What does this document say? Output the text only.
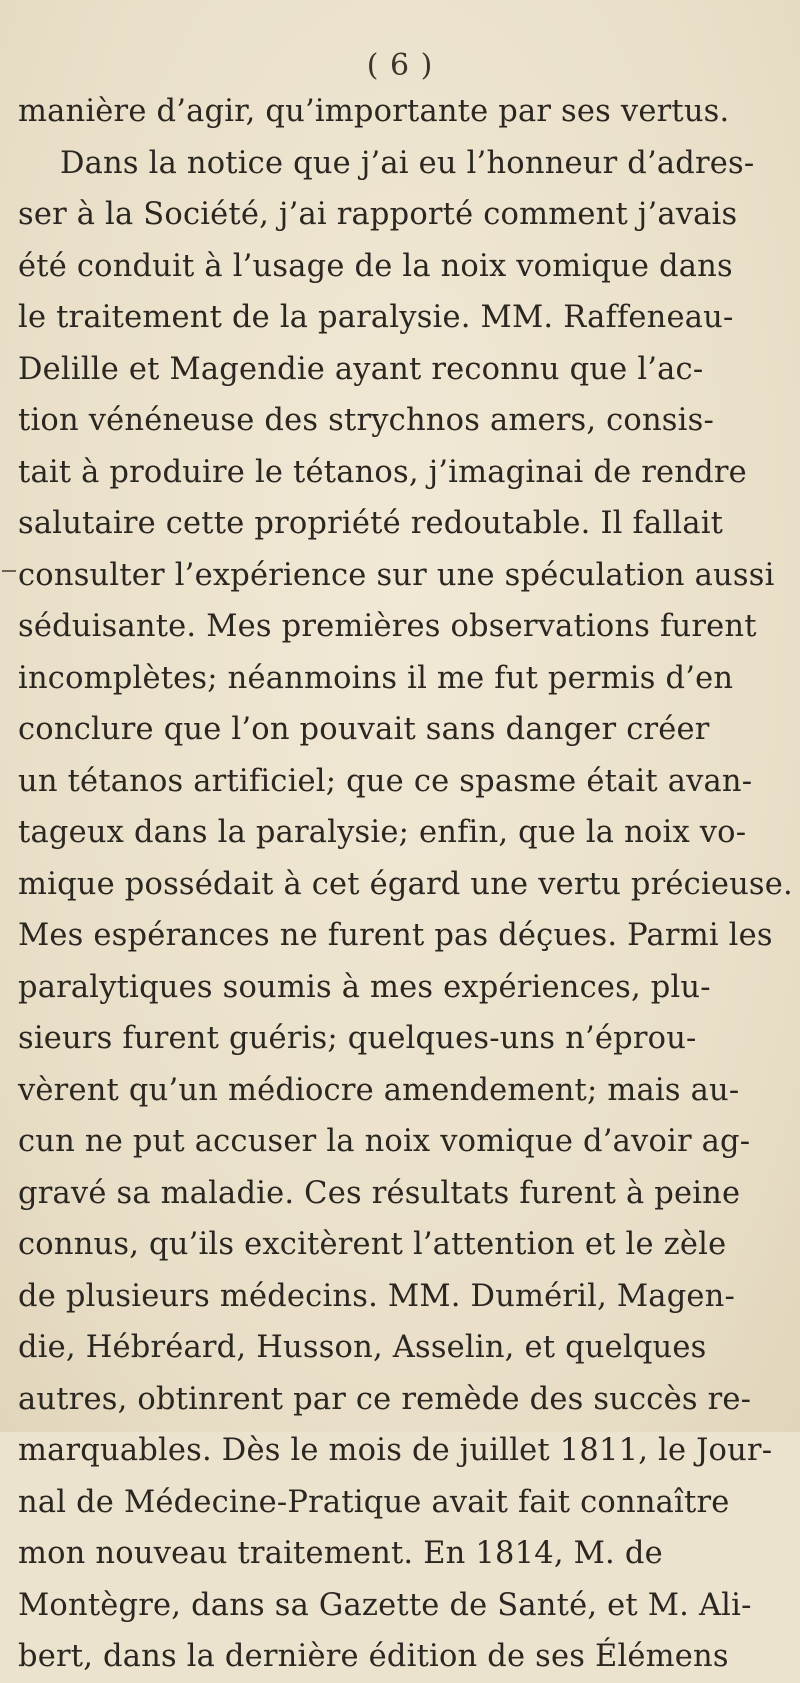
( 6 )
manière d’agir, qu’importante par ses vertus.
Dans la notice que j’ai eu l’honneur d’adres-
ser à la Société, j’ai rapporté comment j’avais
été conduit à l’usage de la noix vomique dans
le traitement de la paralysie. MM. Raffeneau-
Delille et Magendie ayant reconnu que l’ac-
tion vénéneuse des strychnos amers, consis-
tait à produire le tétanos, j’imaginai de rendre
salutaire cette propriété redoutable. Il fallait
consulter l’expérience sur une spéculation aussi
séduisante. Mes premières observations furent
incomplètes; néanmoins il me fut permis d’en
conclure que l’on pouvait sans danger créer
un tétanos artificiel; que ce spasme était avan-
tageux dans la paralysie; enfin, que la noix vo-
mique possédait à cet égard une vertu précieuse.
Mes espérances ne furent pas déçues. Parmi les
paralytiques soumis à mes expériences, plu-
sieurs furent guéris; quelques-uns n’éprou-
vèrent qu’un médiocre amendement; mais au-
cun ne put accuser la noix vomique d’avoir ag-
gravé sa maladie. Ces résultats furent à peine
connus, qu’ils excitèrent l’attention et le zèle
de plusieurs médecins. MM. Duméril, Magen-
die, Hébréard, Husson, Asselin, et quelques
autres, obtinrent par ce remède des succès re-
marquables. Dès le mois de juillet 1811, le Jour-
nal de Médecine-Pratique avait fait connaître
mon nouveau traitement. En 1814, M. de
Montègre, dans sa Gazette de Santé, et M. Ali-
bert, dans la dernière édition de ses Élémens
